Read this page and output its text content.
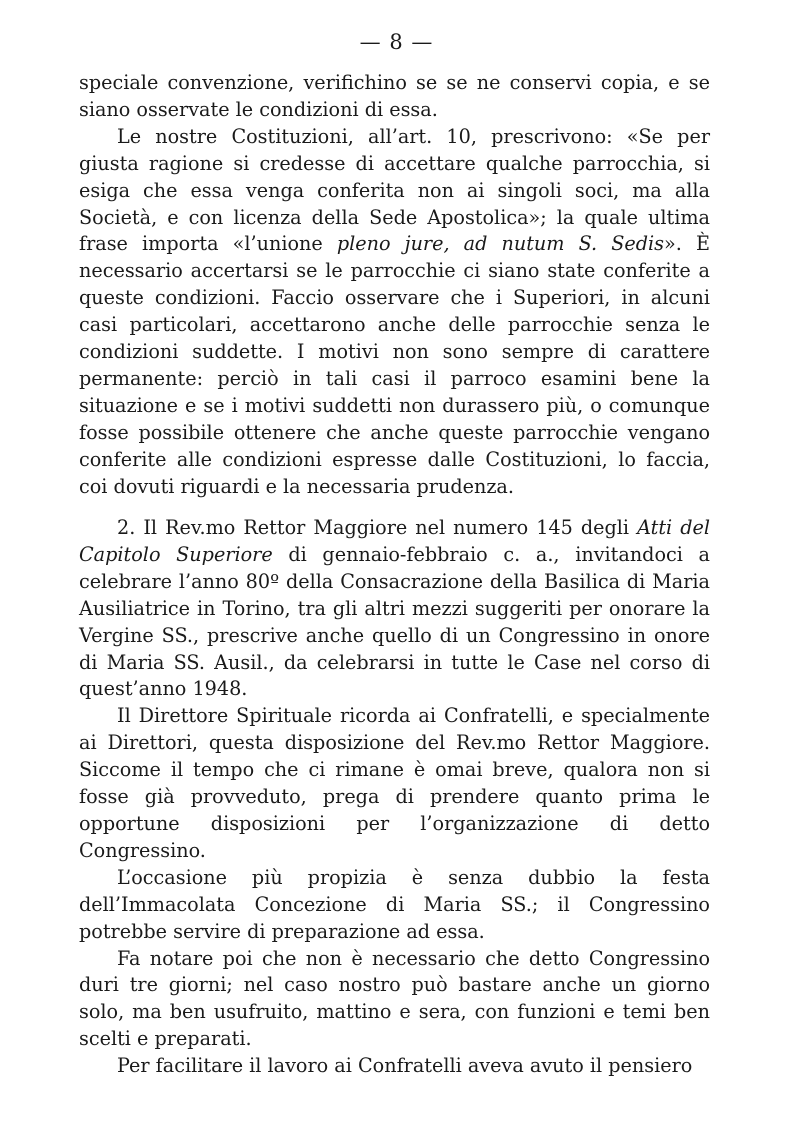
— 8 —

speciale convenzione, verifichino se se ne conservi copia, e se siano osservate le condizioni di essa.

Le nostre Costituzioni, all’art. 10, prescrivono: «Se per giusta ragione si credesse di accettare qualche parrocchia, si esiga che essa venga conferita non ai singoli soci, ma alla Società, e con licenza della Sede Apostolica»; la quale ultima frase importa «l’unione pleno jure, ad nutum S. Sedis». È necessario accertarsi se le parrocchie ci siano state conferite a queste condizioni. Faccio osservare che i Superiori, in alcuni casi particolari, accettarono anche delle parrocchie senza le condizioni suddette. I motivi non sono sempre di carattere permanente: perciò in tali casi il parroco esamini bene la situazione e se i motivi suddetti non durassero più, o comunque fosse possibile ottenere che anche queste parrocchie vengano conferite alle condizioni espresse dalle Costituzioni, lo faccia, coi dovuti riguardi e la necessaria prudenza.

2. Il Rev.mo Rettor Maggiore nel numero 145 degli Atti del Capitolo Superiore di gennaio-febbraio c. a., invitandoci a celebrare l’anno 80º della Consacrazione della Basilica di Maria Ausiliatrice in Torino, tra gli altri mezzi suggeriti per onorare la Vergine SS., prescrive anche quello di un Congressino in onore di Maria SS. Ausil., da celebrarsi in tutte le Case nel corso di quest’anno 1948.

Il Direttore Spirituale ricorda ai Confratelli, e specialmente ai Direttori, questa disposizione del Rev.mo Rettor Maggiore. Siccome il tempo che ci rimane è omai breve, qualora non si fosse già provveduto, prega di prendere quanto prima le opportune disposizioni per l’organizzazione di detto Congressino.

L’occasione più propizia è senza dubbio la festa dell’Immacolata Concezione di Maria SS.; il Congressino potrebbe servire di preparazione ad essa.

Fa notare poi che non è necessario che detto Congressino duri tre giorni; nel caso nostro può bastare anche un giorno solo, ma ben usufruito, mattino e sera, con funzioni e temi ben scelti e preparati.

Per facilitare il lavoro ai Confratelli aveva avuto il pensiero
